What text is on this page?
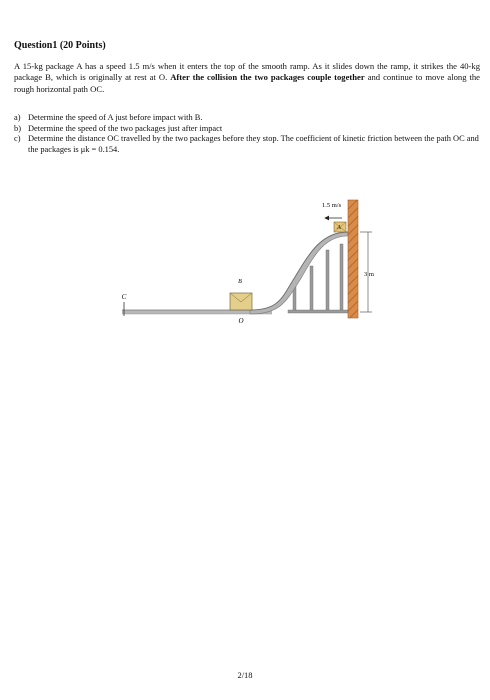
Question1 (20 Points)
A 15-kg package A has a speed 1.5 m/s when it enters the top of the smooth ramp. As it slides down the ramp, it strikes the 40-kg package B, which is originally at rest at O. After the collision the two packages couple together and continue to move along the rough horizontal path OC.
a) Determine the speed of A just before impact with B.
b) Determine the speed of the two packages just after impact
c) Determine the distance OC travelled by the two packages before they stop. The coefficient of kinetic friction between the path OC and the packages is μk = 0.154.
A
1.5 m/s
B
C
O
3 m
2/18
